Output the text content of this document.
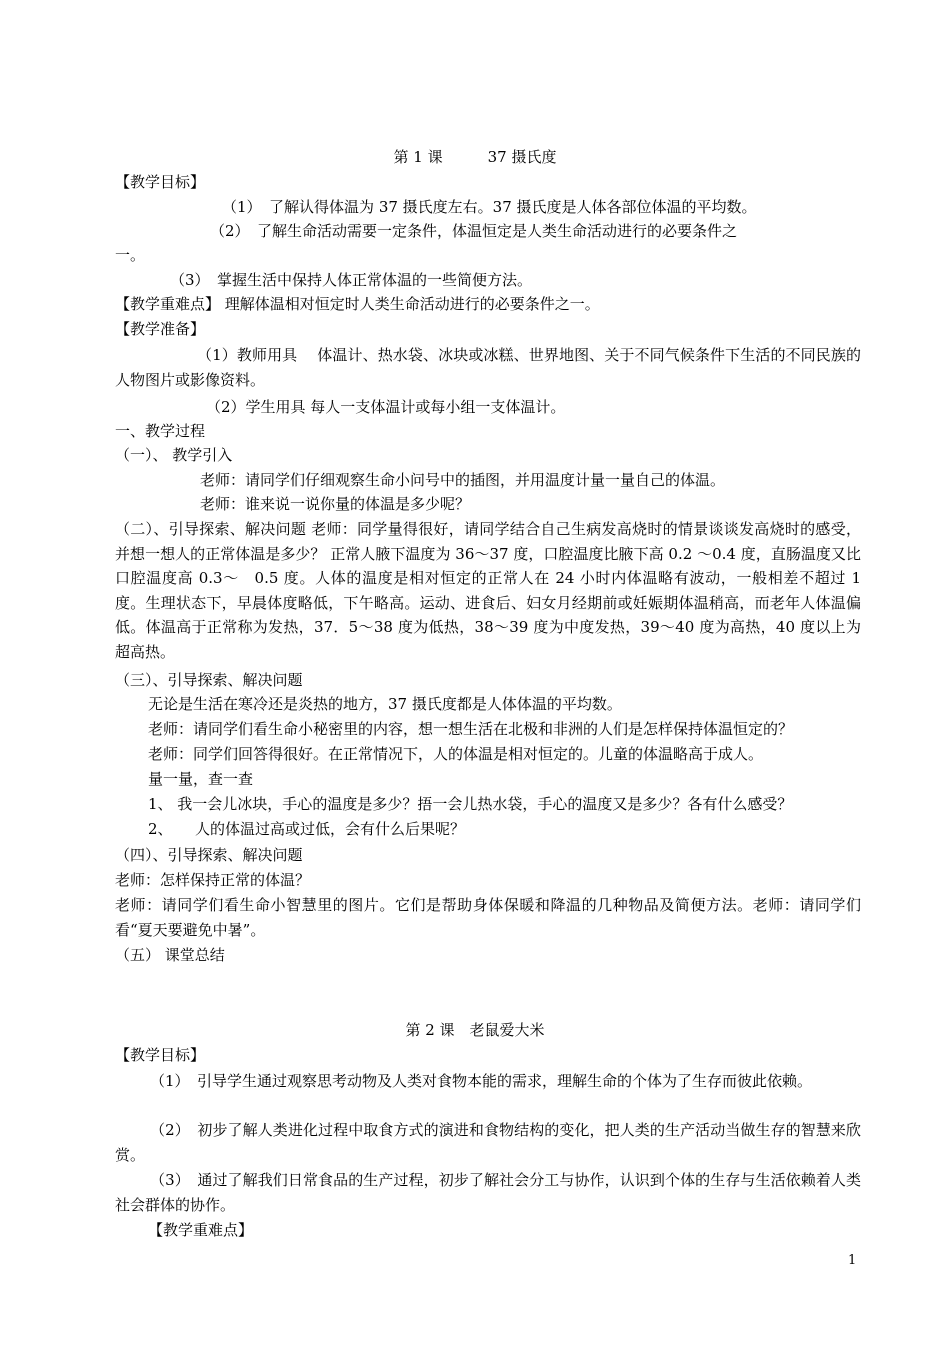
第 1 课　　　37 摄氏度
【教学目标】
（1）　了解认得体温为 37 摄氏度左右。37 摄氏度是人体各部位体温的平均数。
（2）　了解生命活动需要一定条件，体温恒定是人类生命活动进行的必要条件之
一。
（3）　掌握生活中保持人体正常体温的一些简便方法。
【教学重难点】 理解体温相对恒定时人类生命活动进行的必要条件之一。
【教学准备】
（1）教师用具　 体温计、热水袋、冰块或冰糕、世界地图、关于不同气候条件下生活的不同民族的人物图片或影像资料。
（2）学生用具 每人一支体温计或每小组一支体温计。
一、教学过程
（一）、 教学引入
老师：请同学们仔细观察生命小问号中的插图，并用温度计量一量自己的体温。
老师：谁来说一说你量的体温是多少呢？
（二）、引导探索、解决问题 老师：同学量得很好，请同学结合自己生病发高烧时的情景谈谈发高烧时的感受，并想一想人的正常体温是多少？ 正常人腋下温度为 36～37 度，口腔温度比腋下高 0.2 ～0.4 度，直肠温度又比口腔温度高 0.3～　0.5 度。人体的温度是相对恒定的正常人在 24 小时内体温略有波动，一般相差不超过 1 度。生理状态下，早晨体度略低，下午略高。运动、进食后、妇女月经期前或妊娠期体温稍高，而老年人体温偏低。体温高于正常称为发热，37．5～38 度为低热，38～39 度为中度发热，39～40 度为高热，40 度以上为超高热。
（三）、引导探索、解决问题
无论是生活在寒冷还是炎热的地方，37 摄氏度都是人体体温的平均数。
老师：请同学们看生命小秘密里的内容，想一想生活在北极和非洲的人们是怎样保持体温恒定的？
老师：同学们回答得很好。在正常情况下，人的体温是相对恒定的。儿童的体温略高于成人。
量一量，查一查
1、 我一会儿冰块，手心的温度是多少？捂一会儿热水袋，手心的温度又是多少？各有什么感受？
2、　　人的体温过高或过低，会有什么后果呢？
（四）、引导探索、解决问题
老师：怎样保持正常的体温？
老师：请同学们看生命小智慧里的图片。它们是帮助身体保暖和降温的几种物品及简便方法。老师：请同学们看“夏天要避免中暑”。
（五） 课堂总结
第 2 课　老鼠爱大米
【教学目标】
（1）　引导学生通过观察思考动物及人类对食物本能的需求，理解生命的个体为了生存而彼此依赖。
（2）　初步了解人类进化过程中取食方式的演进和食物结构的变化，把人类的生产活动当做生存的智慧来欣赏。
（3）　通过了解我们日常食品的生产过程，初步了解社会分工与协作，认识到个体的生存与生活依赖着人类社会群体的协作。
【教学重难点】
1
